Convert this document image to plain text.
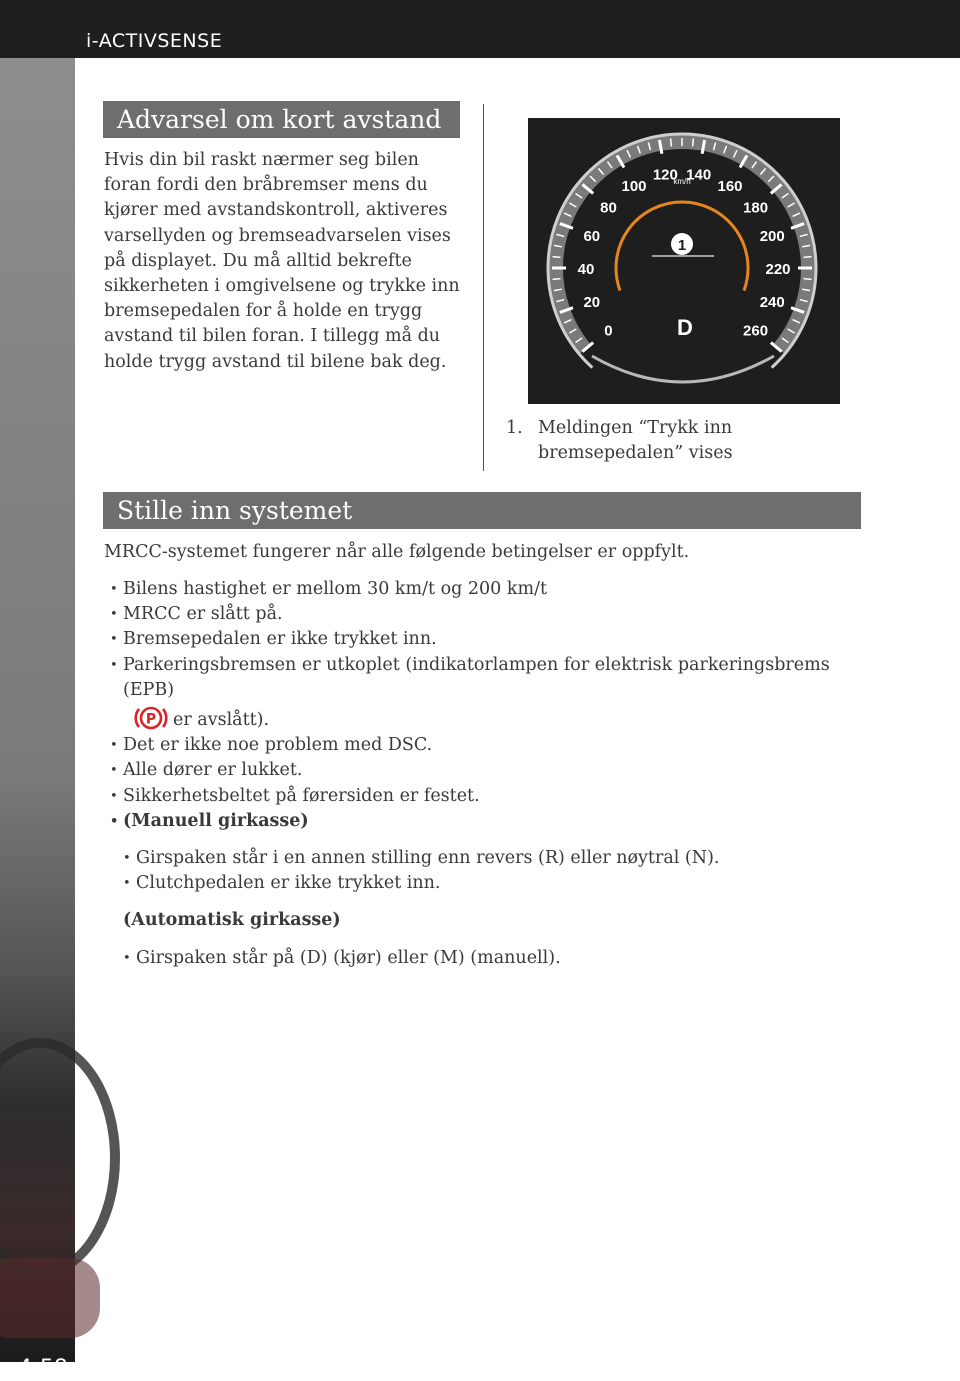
i-ACTIVSENSE
4-58
Advarsel om kort avstand
Hvis din bil raskt nærmer seg bilen foran fordi den bråbremser mens du kjører med avstandskontroll, aktiveres varsellyden og bremseadvarselen vises på displayet. Du må alltid bekrefte sikkerheten i omgivelsene og trykke inn bremsepedalen for å holde en trygg avstand til bilen foran. I tillegg må du holde trygg avstand til bilene bak deg.
0
20
40
60
80
100
120 140
160
180
200
220
240
260
km/h
1
D
1. Meldingen “Trykk inn bremsepedalen” vises
Stille inn systemet
MRCC-systemet fungerer når alle følgende betingelser er oppfylt.
• Bilens hastighet er mellom 30 km/t og 200 km/t
• MRCC er slått på.
• Bremsepedalen er ikke trykket inn.
• Parkeringsbremsen er utkoplet (indikatorlampen for elektrisk parkeringsbrems (EPB)
P er avslått).
• Det er ikke noe problem med DSC.
• Alle dører er lukket.
• Sikkerhetsbeltet på førersiden er festet.
• (Manuell girkasse)
• Girspaken står i en annen stilling enn revers (R) eller nøytral (N).
• Clutchpedalen er ikke trykket inn.
(Automatisk girkasse)
• Girspaken står på (D) (kjør) eller (M) (manuell).
